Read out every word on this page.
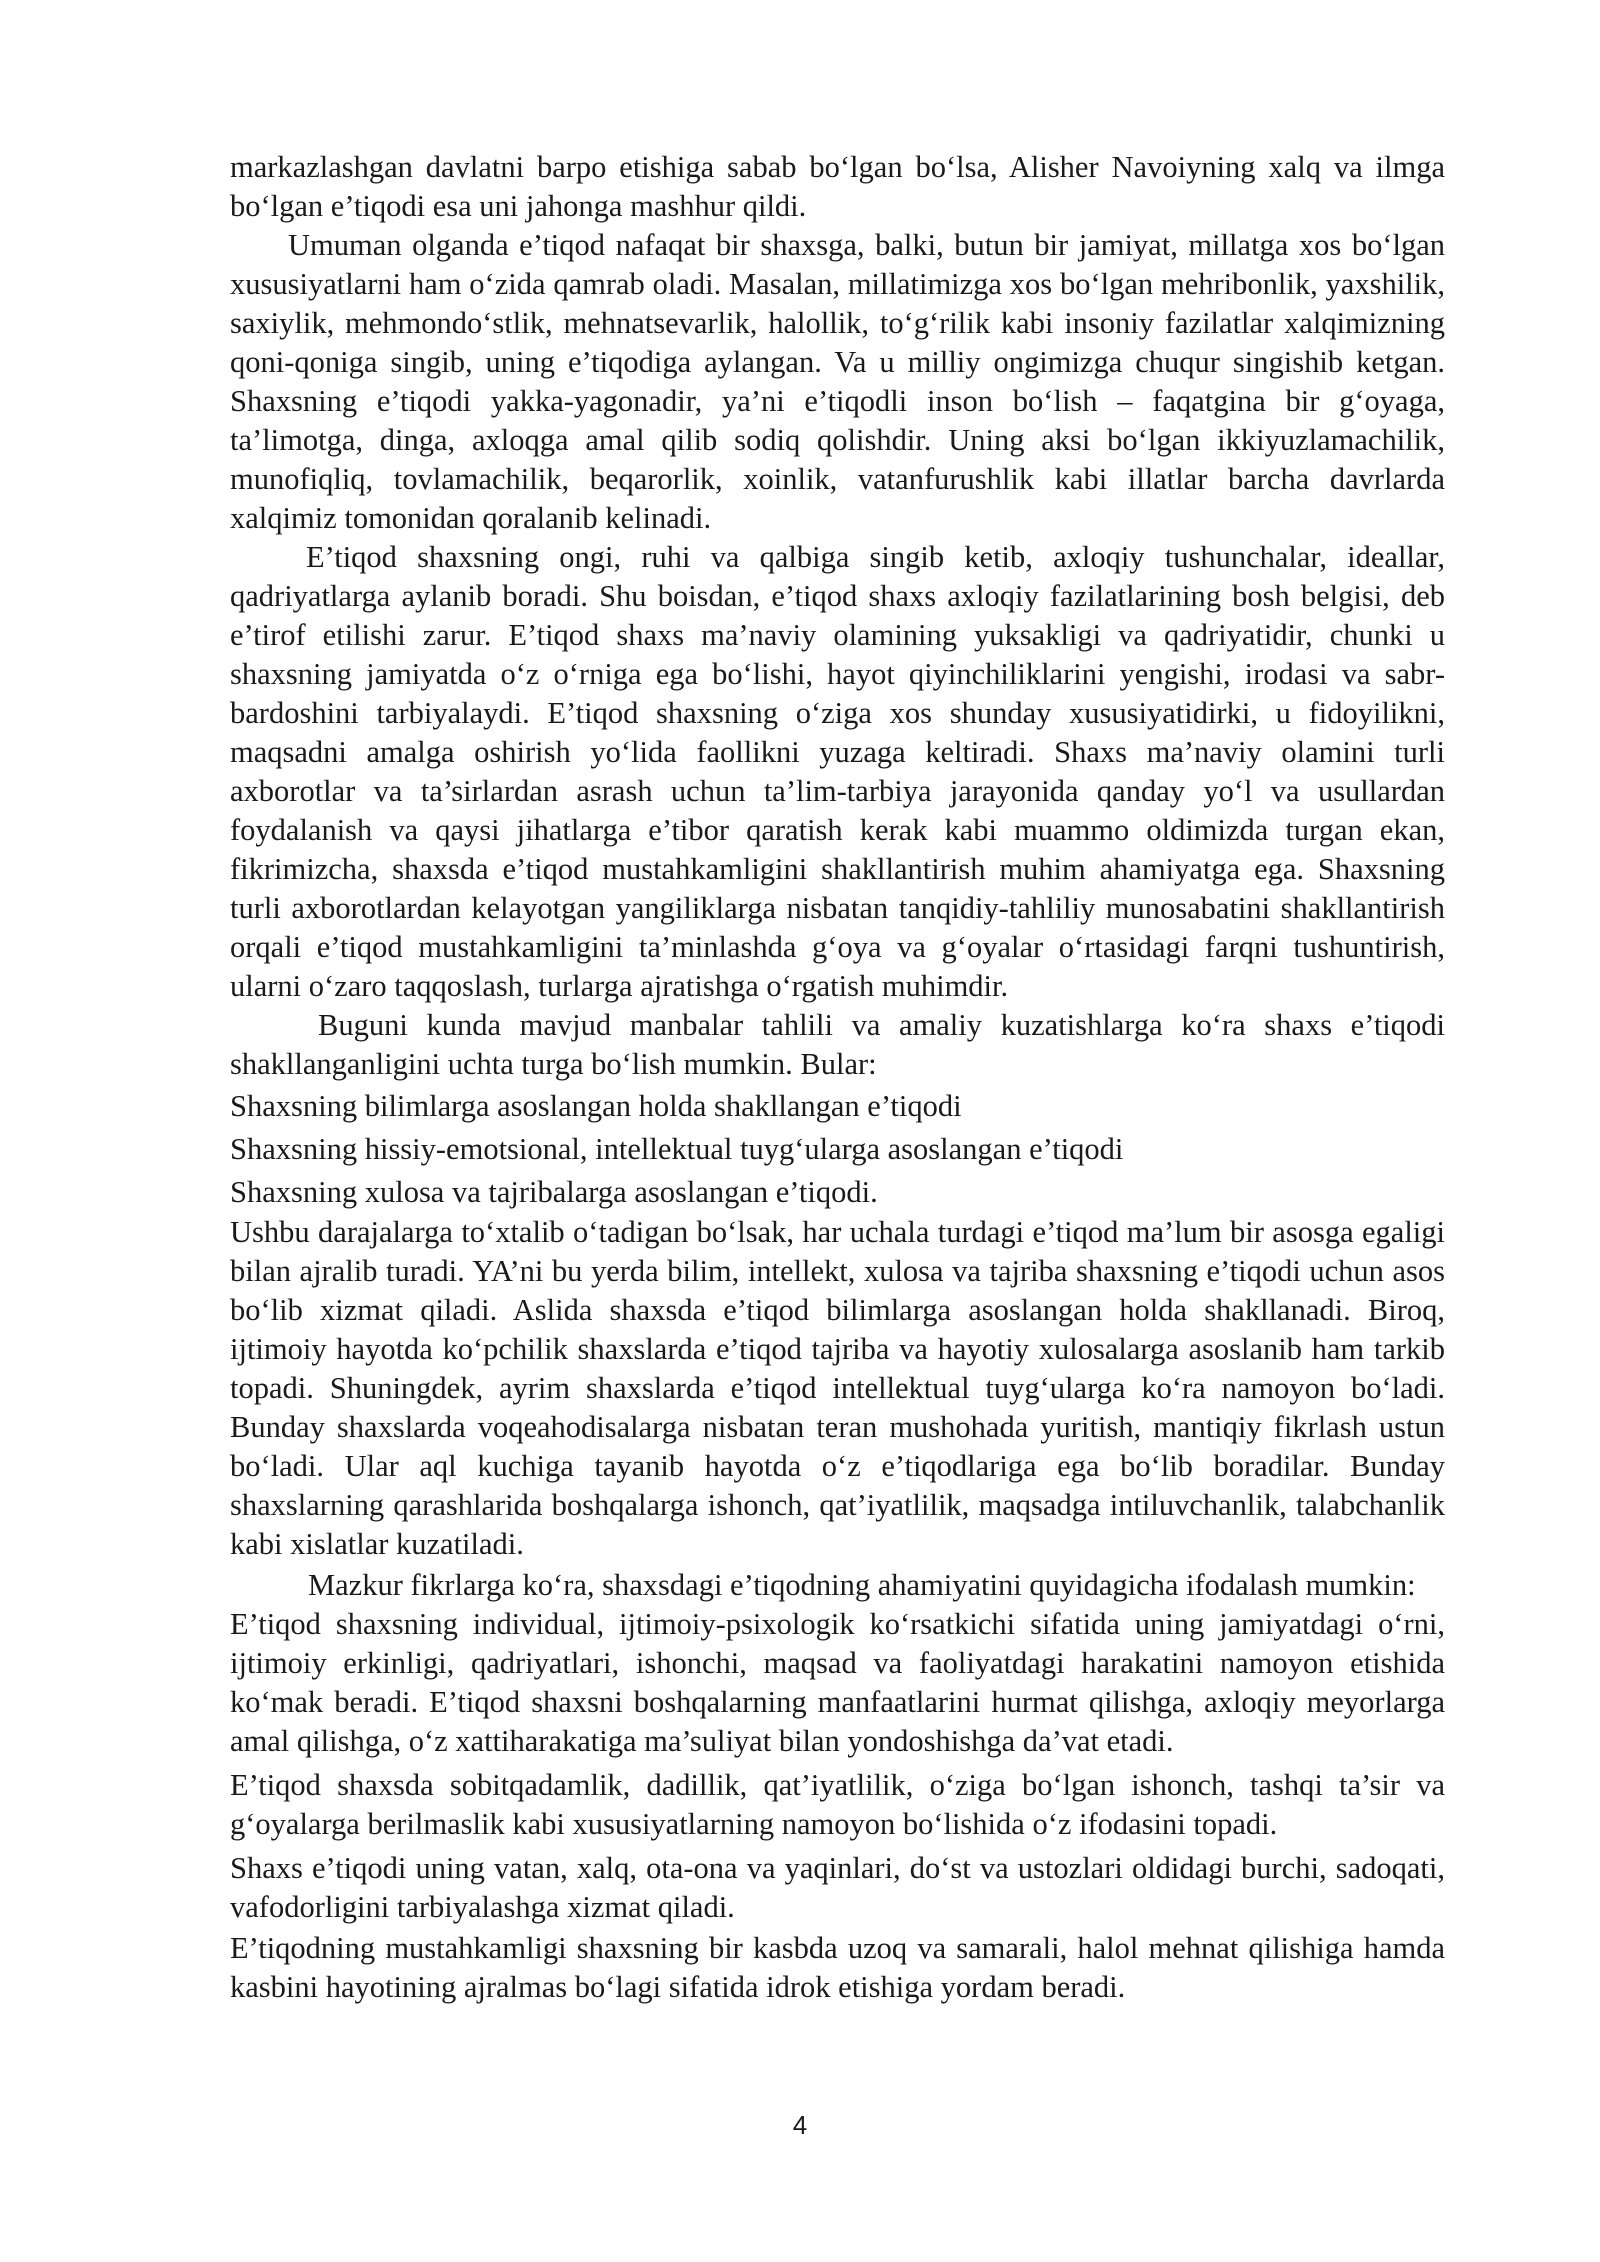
markazlashgan davlatni barpo etishiga sabab bo‘lgan bo‘lsa, Alisher Navoiyning xalq va ilmga bo‘lgan e’tiqodi esa uni jahonga mashhur qildi.

Umuman olganda e’tiqod nafaqat bir shaxsga, balki, butun bir jamiyat, millatga xos bo‘lgan xususiyatlarni ham o‘zida qamrab oladi. Masalan, millatimizga xos bo‘lgan mehribonlik, yaxshilik, saxiylik, mehmondo‘stlik, mehnatsevarlik, halollik, to‘g‘rilik kabi insoniy fazilatlar xalqimizning qoni-qoniga singib, uning e’tiqodiga aylangan. Va u milliy ongimizga chuqur singishib ketgan. Shaxsning e’tiqodi yakka-yagonadir, ya’ni e’tiqodli inson bo‘lish – faqatgina bir g‘oyaga, ta’limotga, dinga, axloqga amal qilib sodiq qolishdir. Uning aksi bo‘lgan ikkiyuzlamachilik, munofiqliq, tovlamachilik, beqarorlik, xoinlik, vatanfurushlik kabi illatlar barcha davrlarda xalqimiz tomonidan qoralanib kelinadi.

E’tiqod shaxsning ongi, ruhi va qalbiga singib ketib, axloqiy tushunchalar, ideallar, qadriyatlarga aylanib boradi. Shu boisdan, e’tiqod shaxs axloqiy fazilatlarining bosh belgisi, deb e’tirof etilishi zarur. E’tiqod shaxs ma’naviy olamining yuksakligi va qadriyatidir, chunki u shaxsning jamiyatda o‘z o‘rniga ega bo‘lishi, hayot qiyinchiliklarini yengishi, irodasi va sabr-bardoshini tarbiyalaydi. E’tiqod shaxsning o‘ziga xos shunday xususiyatidirki, u fidoyilikni, maqsadni amalga oshirish yo‘lida faollikni yuzaga keltiradi. Shaxs ma’naviy olamini turli axborotlar va ta’sirlardan asrash uchun ta’lim-tarbiya jarayonida qanday yo‘l va usullardan foydalanish va qaysi jihatlarga e’tibor qaratish kerak kabi muammo oldimizda turgan ekan, fikrimizcha, shaxsda e’tiqod mustahkamligini shakllantirish muhim ahamiyatga ega. Shaxsning turli axborotlardan kelayotgan yangiliklarga nisbatan tanqidiy-tahliliy munosabatini shakllantirish orqali e’tiqod mustahkamligini ta’minlashda g‘oya va g‘oyalar o‘rtasidagi farqni tushuntirish, ularni o‘zaro taqqoslash, turlarga ajratishga o‘rgatish muhimdir.

Buguni kunda mavjud manbalar tahlili va amaliy kuzatishlarga ko‘ra shaxs e’tiqodi shakllanganligini uchta turga bo‘lish mumkin. Bular:

Shaxsning bilimlarga asoslangan holda shakllangan e’tiqodi

Shaxsning hissiy-emotsional, intellektual tuyg‘ularga asoslangan e’tiqodi

Shaxsning xulosa va tajribalarga asoslangan e’tiqodi.

Ushbu darajalarga to‘xtalib o‘tadigan bo‘lsak, har uchala turdagi e’tiqod ma’lum bir asosga egaligi bilan ajralib turadi. YA’ni bu yerda bilim, intellekt, xulosa va tajriba shaxsning e’tiqodi uchun asos bo‘lib xizmat qiladi. Aslida shaxsda e’tiqod bilimlarga asoslangan holda shakllanadi. Biroq, ijtimoiy hayotda ko‘pchilik shaxslarda e’tiqod tajriba va hayotiy xulosalarga asoslanib ham tarkib topadi. Shuningdek, ayrim shaxslarda e’tiqod intellektual tuyg‘ularga ko‘ra namoyon bo‘ladi. Bunday shaxslarda voqeahodisalarga nisbatan teran mushohada yuritish, mantiqiy fikrlash ustun bo‘ladi. Ular aql kuchiga tayanib hayotda o‘z e’tiqodlariga ega bo‘lib boradilar. Bunday shaxslarning qarashlarida boshqalarga ishonch, qat’iyatlilik, maqsadga intiluvchanlik, talabchanlik kabi xislatlar kuzatiladi.

Mazkur fikrlarga ko‘ra, shaxsdagi e’tiqodning ahamiyatini quyidagicha ifodalash mumkin:

E’tiqod shaxsning individual, ijtimoiy-psixologik ko‘rsatkichi sifatida uning jamiyatdagi o‘rni, ijtimoiy erkinligi, qadriyatlari, ishonchi, maqsad va faoliyatdagi harakatini namoyon etishida ko‘mak beradi. E’tiqod shaxsni boshqalarning manfaatlarini hurmat qilishga, axloqiy meyorlarga amal qilishga, o‘z xattiharakatiga ma’suliyat bilan yondoshishga da’vat etadi.

E’tiqod shaxsda sobitqadamlik, dadillik, qat’iyatlilik, o‘ziga bo‘lgan ishonch, tashqi ta’sir va g‘oyalarga berilmaslik kabi xususiyatlarning namoyon bo‘lishida o‘z ifodasini topadi.

Shaxs e’tiqodi uning vatan, xalq, ota-ona va yaqinlari, do‘st va ustozlari oldidagi burchi, sadoqati, vafodorligini tarbiyalashga xizmat qiladi.

E’tiqodning mustahkamligi shaxsning bir kasbda uzoq va samarali, halol mehnat qilishiga hamda kasbini hayotining ajralmas bo‘lagi sifatida idrok etishiga yordam beradi.

4
